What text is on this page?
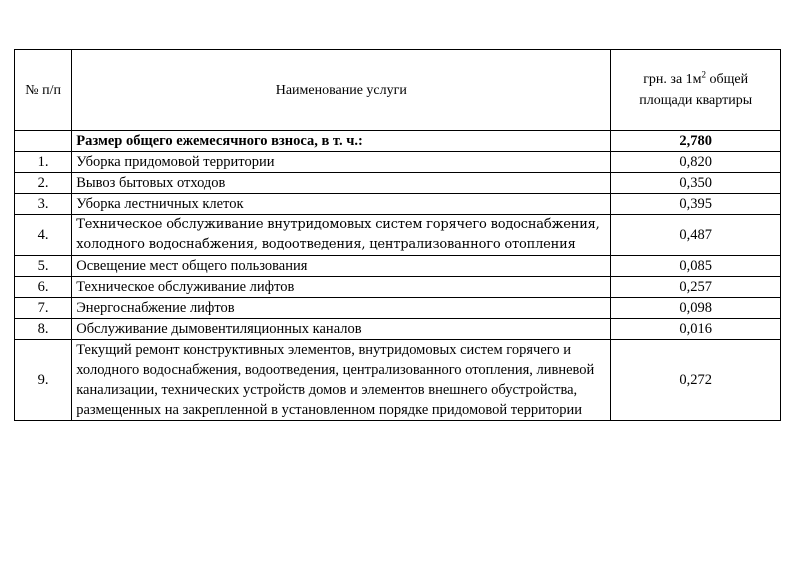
№ п/п	Наименование услуги	грн. за $1м^2$ общей площади квартиры
	Размер общего ежемесячного взноса, в т. ч.:	2,780
1.	Уборка придомовой территории	0,820
2.	Вывоз бытовых отходов	0,350
3.	Уборка лестничных клеток	0,395
4.	Техническое обслуживание внутридомовых систем горячего водоснабжения, холодного водоснабжения, водоотведения, централизованного отопления	0,487
5.	Освещение мест общего пользования	0,085
6.	Техническое обслуживание лифтов	0,257
7.	Энергоснабжение лифтов	0,098
8.	Обслуживание дымовентиляционных каналов	0,016
9.	Текущий ремонт конструктивных элементов, внутридомовых систем горячего и холодного водоснабжения, водоотведения, централизованного отопления, ливневой канализации, технических устройств домов и элементов внешнего обустройства, размещенных на закрепленной в установленном порядке придомовой территории	0,272
